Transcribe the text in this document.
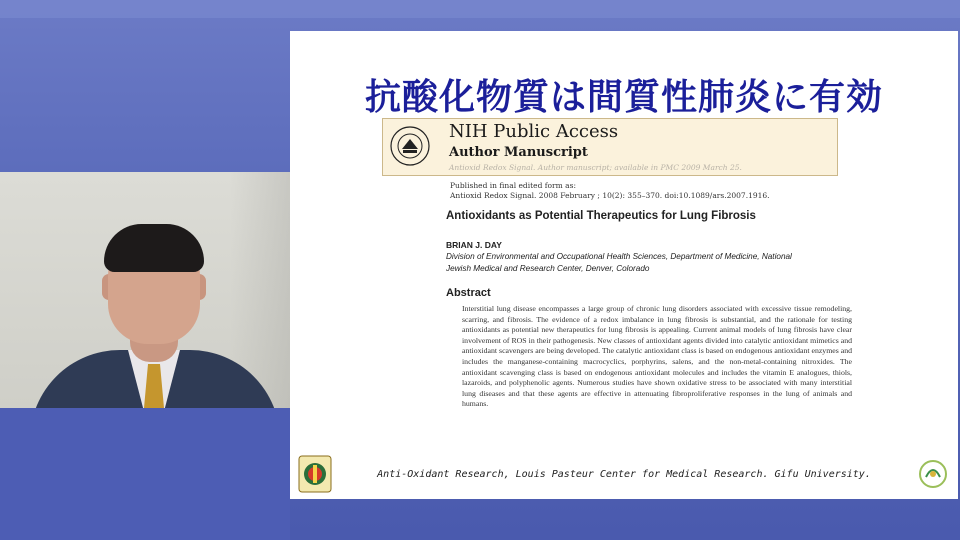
抗酸化物質は間質性肺炎に有効
NIH Public Access
Author Manuscript
Antioxid Redox Signal. Author manuscript; available in PMC 2009 March 25.
Published in final edited form as:
Antioxid Redox Signal. 2008 February ; 10(2): 355–370. doi:10.1089/ars.2007.1916.
Antioxidants as Potential Therapeutics for Lung Fibrosis
BRIAN J. DAY
Division of Environmental and Occupational Health Sciences, Department of Medicine, National
Jewish Medical and Research Center, Denver, Colorado
Abstract

Interstitial lung disease encompasses a large group of chronic lung disorders associated with excessive tissue remodeling, scarring, and fibrosis. The evidence of a redox imbalance in lung fibrosis is substantial, and the rationale for testing antioxidants as potential new therapeutics for lung fibrosis is appealing. Current animal models of lung fibrosis have clear involvement of ROS in their pathogenesis. New classes of antioxidant agents divided into catalytic antioxidant mimetics and antioxidant scavengers are being developed. The catalytic antioxidant class is based on endogenous antioxidant enzymes and includes the manganese-containing macrocyclics, porphyrins, salens, and the non-metal-containing nitroxides. The antioxidant scavenging class is based on endogenous antioxidant molecules and includes the vitamin E analogues, thiols, lazaroids, and polyphenolic agents. Numerous studies have shown oxidative stress to be associated with many interstitial lung diseases and that these agents are effective in attenuating fibroproliferative responses in the lung of animals and humans.

Anti-Oxidant Research, Louis Pasteur Center for Medical Research. Gifu University.
